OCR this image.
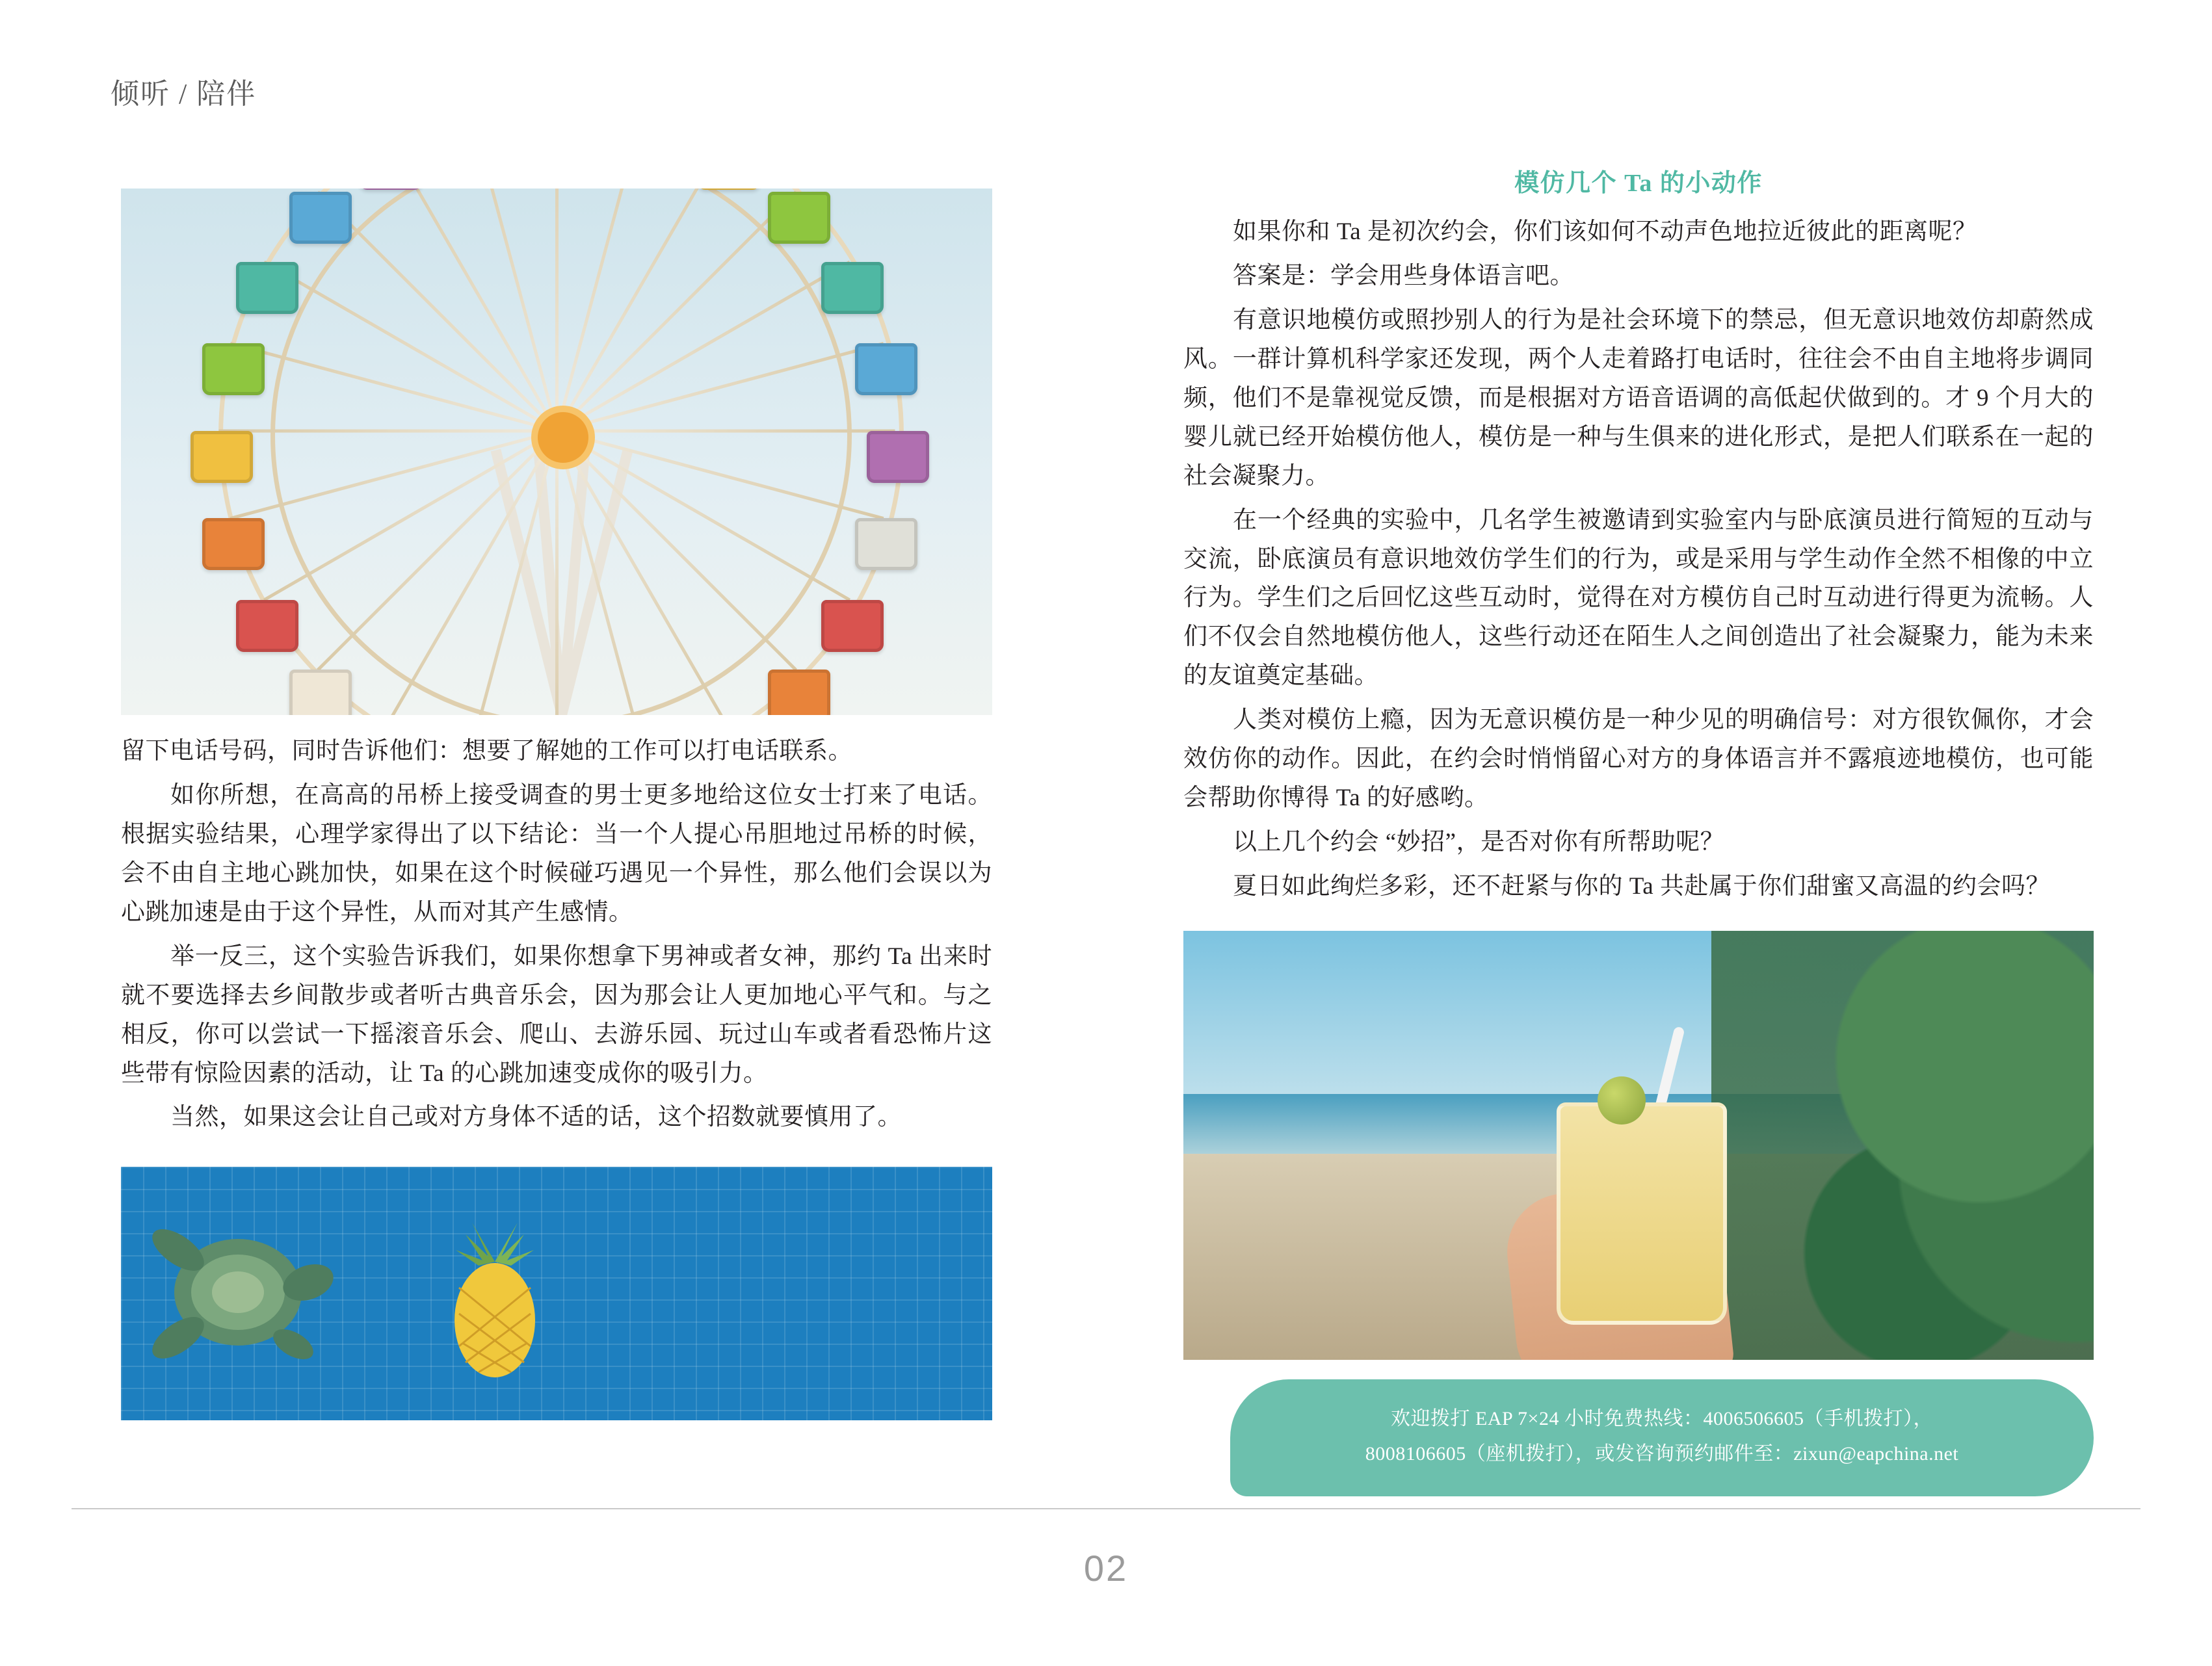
倾听 / 陪伴

留下电话号码，同时告诉他们：想要了解她的工作可以打电话联系。

如你所想，在高高的吊桥上接受调查的男士更多地给这位女士打来了电话。根据实验结果，心理学家得出了以下结论：当一个人提心吊胆地过吊桥的时候，会不由自主地心跳加快，如果在这个时候碰巧遇见一个异性，那么他们会误以为心跳加速是由于这个异性，从而对其产生感情。

举一反三，这个实验告诉我们，如果你想拿下男神或者女神，那约 Ta 出来时就不要选择去乡间散步或者听古典音乐会，因为那会让人更加地心平气和。与之相反，你可以尝试一下摇滚音乐会、爬山、去游乐园、玩过山车或者看恐怖片这些带有惊险因素的活动，让 Ta 的心跳加速变成你的吸引力。

当然，如果这会让自己或对方身体不适的话，这个招数就要慎用了。

模仿几个 Ta 的小动作

如果你和 Ta 是初次约会，你们该如何不动声色地拉近彼此的距离呢？

答案是：学会用些身体语言吧。

有意识地模仿或照抄别人的行为是社会环境下的禁忌，但无意识地效仿却蔚然成风。一群计算机科学家还发现，两个人走着路打电话时，往往会不由自主地将步调同频，他们不是靠视觉反馈，而是根据对方语音语调的高低起伏做到的。才 9 个月大的婴儿就已经开始模仿他人，模仿是一种与生俱来的进化形式，是把人们联系在一起的社会凝聚力。

在一个经典的实验中，几名学生被邀请到实验室内与卧底演员进行简短的互动与交流，卧底演员有意识地效仿学生们的行为，或是采用与学生动作全然不相像的中立行为。学生们之后回忆这些互动时，觉得在对方模仿自己时互动进行得更为流畅。人们不仅会自然地模仿他人，这些行动还在陌生人之间创造出了社会凝聚力，能为未来的友谊奠定基础。

人类对模仿上瘾，因为无意识模仿是一种少见的明确信号：对方很钦佩你，才会效仿你的动作。因此，在约会时悄悄留心对方的身体语言并不露痕迹地模仿，也可能会帮助你博得 Ta 的好感哟。

以上几个约会 “妙招”，是否对你有所帮助呢？

夏日如此绚烂多彩，还不赶紧与你的 Ta 共赴属于你们甜蜜又高温的约会吗？

欢迎拨打 EAP 7×24 小时免费热线：4006506605（手机拨打），
8008106605（座机拨打），或发咨询预约邮件至：zixun@eapchina.net
02
